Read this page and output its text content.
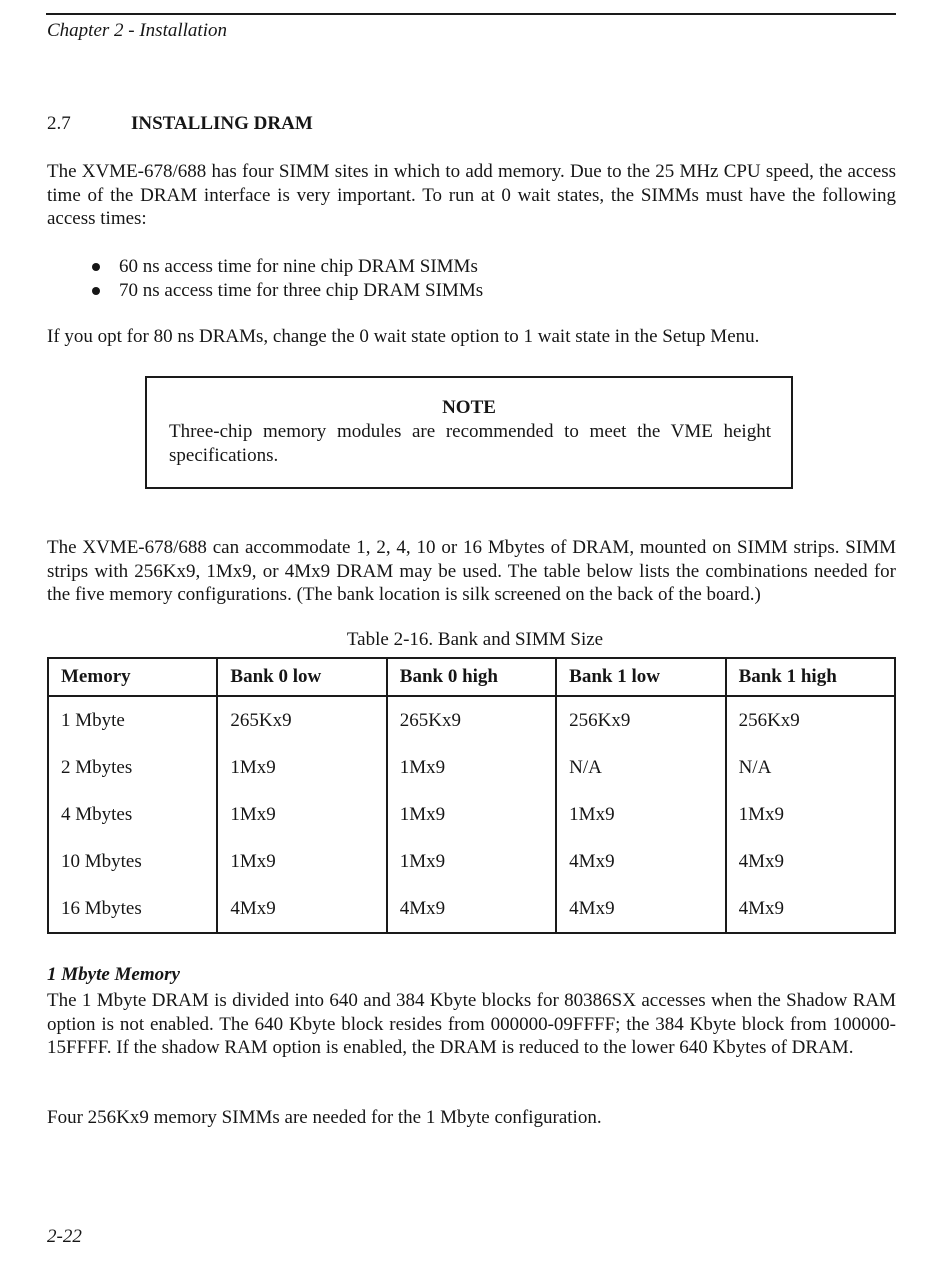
Chapter 2 - Installation
2.7	INSTALLING DRAM

The XVME-678/688 has four SIMM sites in which to add memory. Due to the 25 MHz CPU speed, the access time of the DRAM interface is very important. To run at 0 wait states, the SIMMs must have the following access times:

60 ns access time for nine chip DRAM SIMMs
70 ns access time for three chip DRAM SIMMs

If you opt for 80 ns DRAMs, change the 0 wait state option to 1 wait state in the Setup Menu.

NOTE
Three-chip memory modules are recommended to meet the VME height specifications.

The XVME-678/688 can accommodate 1, 2, 4, 10 or 16 Mbytes of DRAM, mounted on SIMM strips. SIMM strips with 256Kx9, 1Mx9, or 4Mx9 DRAM may be used. The table below lists the combinations needed for the five memory configurations. (The bank location is silk screened on the back of the board.)

Table 2-16. Bank and SIMM Size
Memory	Bank 0 low	Bank 0 high	Bank 1 low	Bank 1 high
1 Mbyte	265Kx9	265Kx9	256Kx9	256Kx9
2 Mbytes	1Mx9	1Mx9	N/A	N/A
4 Mbytes	1Mx9	1Mx9	1Mx9	1Mx9
10 Mbytes	1Mx9	1Mx9	4Mx9	4Mx9
16 Mbytes	4Mx9	4Mx9	4Mx9	4Mx9
1 Mbyte Memory

The 1 Mbyte DRAM is divided into 640 and 384 Kbyte blocks for 80386SX accesses when the Shadow RAM option is not enabled. The 640 Kbyte block resides from 000000-09FFFF; the 384 Kbyte block from 100000-15FFFF. If the shadow RAM option is enabled, the DRAM is reduced to the lower 640 Kbytes of DRAM.

Four 256Kx9 memory SIMMs are needed for the 1 Mbyte configuration.

2-22
